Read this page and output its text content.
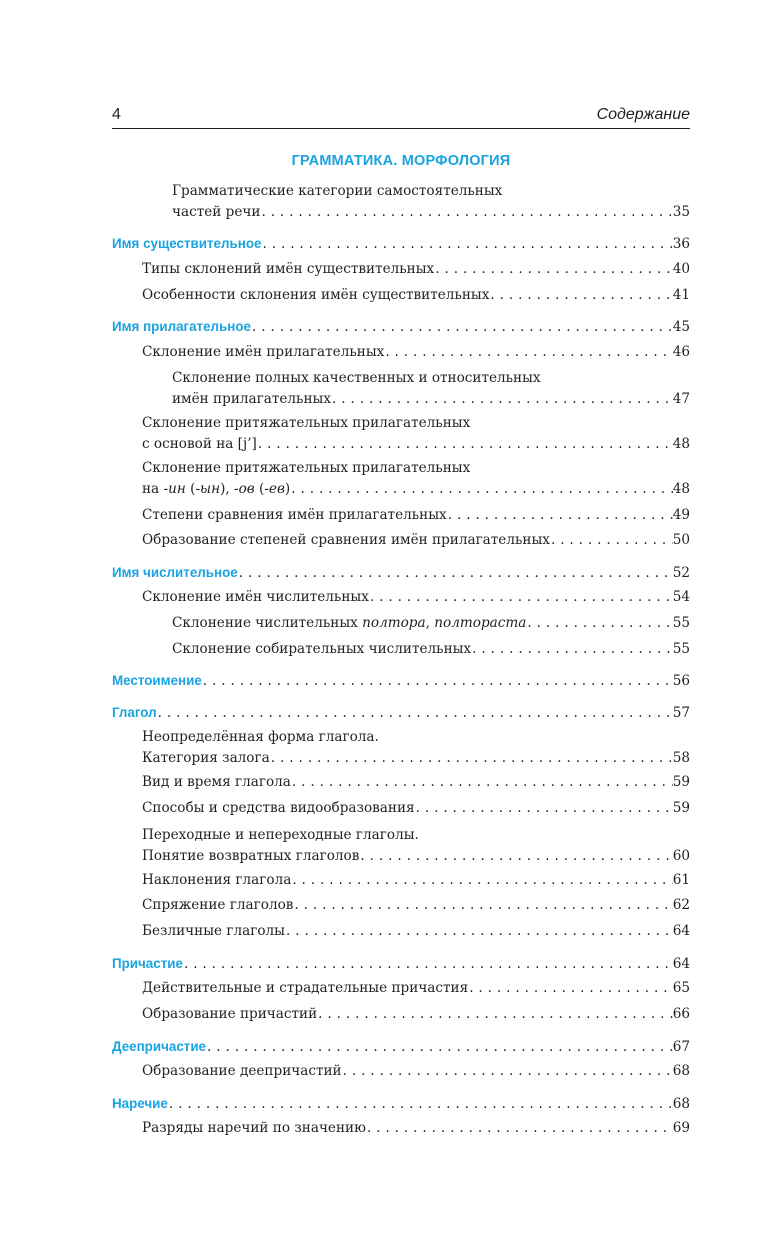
4	Содержание
ГРАММАТИКА. МОРФОЛОГИЯ
Грамматические категории самостоятельных
частей речи . . .	35
Имя существительное . . .	36
Типы склонений имён существительных . . .	40
Особенности склонения имён существительных . . .	41
Имя прилагательное . . .	45
Склонение имён прилагательных . . .	46
Склонение полных качественных и относительных
имён прилагательных . . .	47
Склонение притяжательных прилагательных
с основой на [j’] . . .	48
Склонение притяжательных прилагательных
на -ин (-ын), -ов (-ев) . . .	48
Степени сравнения имён прилагательных . . .	49
Образование степеней сравнения имён прилагательных . . .	50
Имя числительное . . .	52
Склонение имён числительных . . .	54
Склонение числительных полтора, полтораста . . .	55
Склонение собирательных числительных . . .	55
Местоимение . . .	56
Глагол . . .	57
Неопределённая форма глагола.
Категория залога . . .	58
Вид и время глагола . . .	59
Способы и средства видообразования . . .	59
Переходные и непереходные глаголы.
Понятие возвратных глаголов . . .	60
Наклонения глагола . . .	61
Спряжение глаголов . . .	62
Безличные глаголы . . .	64
Причастие . . .	64
Действительные и страдательные причастия . . .	65
Образование причастий . . .	66
Деепричастие . . .	67
Образование деепричастий . . .	68
Наречие . . .	68
Разряды наречий по значению . . .	69
